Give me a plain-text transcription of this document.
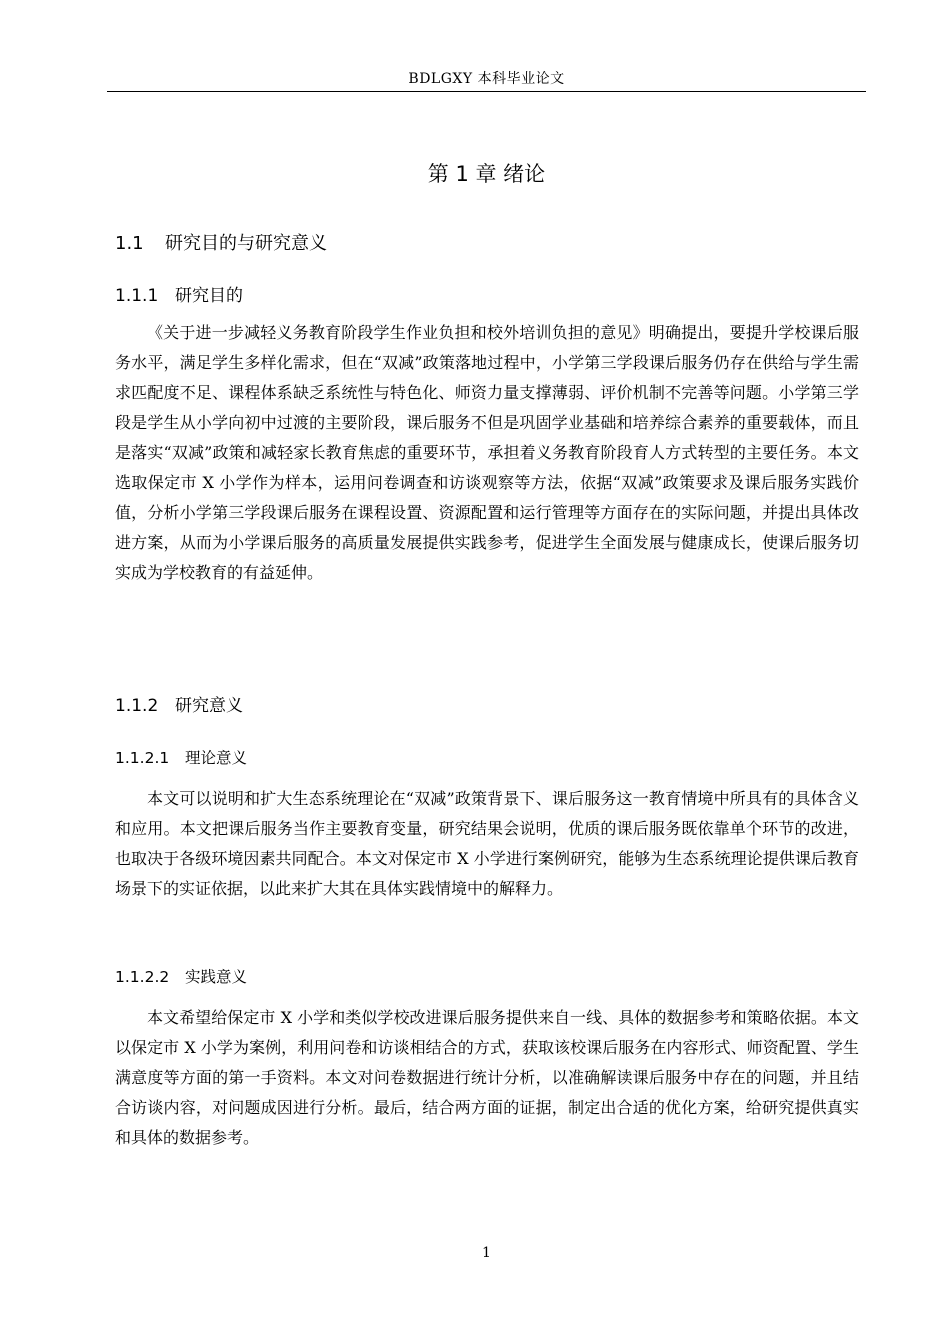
BDLGXY 本科毕业论文
第 1 章 绪论
1.1 研究目的与研究意义
1.1.1 研究目的

《关于进一步减轻义务教育阶段学生作业负担和校外培训负担的意见》明确提出，要提升学校课后服务水平，满足学生多样化需求，但在“双减”政策落地过程中，小学第三学段课后服务仍存在供给与学生需求匹配度不足、课程体系缺乏系统性与特色化、师资力量支撑薄弱、评价机制不完善等问题。小学第三学段是学生从小学向初中过渡的主要阶段，课后服务不但是巩固学业基础和培养综合素养的重要载体，而且是落实“双减”政策和减轻家长教育焦虑的重要环节，承担着义务教育阶段育人方式转型的主要任务。本文选取保定市 X 小学作为样本，运用问卷调查和访谈观察等方法，依据“双减”政策要求及课后服务实践价值，分析小学第三学段课后服务在课程设置、资源配置和运行管理等方面存在的实际问题，并提出具体改进方案，从而为小学课后服务的高质量发展提供实践参考，促进学生全面发展与健康成长，使课后服务切实成为学校教育的有益延伸。

1.1.2 研究意义
1.1.2.1 理论意义

本文可以说明和扩大生态系统理论在“双减”政策背景下、课后服务这一教育情境中所具有的具体含义和应用。本文把课后服务当作主要教育变量，研究结果会说明，优质的课后服务既依靠单个环节的改进，也取决于各级环境因素共同配合。本文对保定市 X 小学进行案例研究，能够为生态系统理论提供课后教育场景下的实证依据，以此来扩大其在具体实践情境中的解释力。

1.1.2.2 实践意义

本文希望给保定市 X 小学和类似学校改进课后服务提供来自一线、具体的数据参考和策略依据。本文以保定市 X 小学为案例，利用问卷和访谈相结合的方式，获取该校课后服务在内容形式、师资配置、学生满意度等方面的第一手资料。本文对问卷数据进行统计分析，以准确解读课后服务中存在的问题，并且结合访谈内容，对问题成因进行分析。最后，结合两方面的证据，制定出合适的优化方案，给研究提供真实和具体的数据参考。

1
